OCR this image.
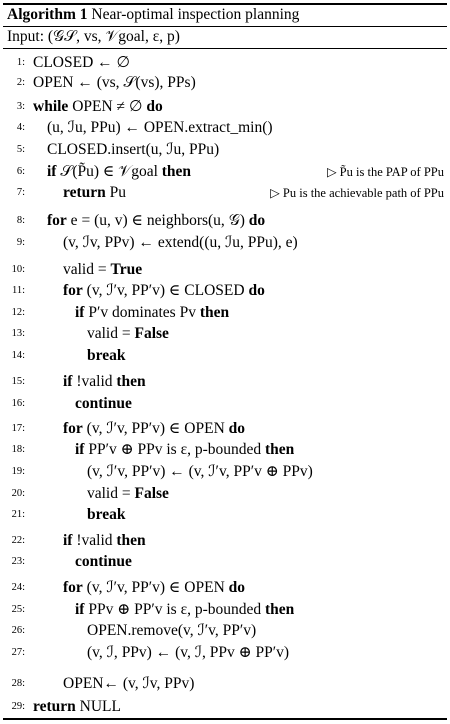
Algorithm 1 Near-optimal inspection planning
Input: (𝒢𝒮, vs, 𝒱goal, ε, p)
1: CLOSED ← ∅
2: OPEN ← (vs, 𝒮(vs), PPs)
3: while OPEN ≠ ∅ do
4: (u, ℐu, PPu) ← OPEN.extract_min()
5: CLOSED.insert(u, ℐu, PPu)
6: if 𝒮(P̃u) ∈ 𝒱goal then	▷ P̃u is the PAP of PPu
7: return Pu	▷ Pu is the achievable path of PPu
8: for e = (u, v) ∈ neighbors(u, 𝒢) do
9: (v, ℐv, PPv) ← extend((u, ℐu, PPu), e)
10: valid = True
11: for (v, ℐ′v, PP′v) ∈ CLOSED do
12:	if P′v dominates Pv then
13:	valid = False
14:	break
15: if !valid then
16:	continue
17: for (v, ℐ′v, PP′v) ∈ OPEN do
18:	if PP′v ⊕ PPv is ε, p-bounded then
19:	(v, ℐ′v, PP′v) ← (v, ℐ′v, PP′v ⊕ PPv)
20:	valid = False
21:	break
22: if !valid then
23:	continue
24: for (v, ℐ′v, PP′v) ∈ OPEN do
25:	if PPv ⊕ PP′v is ε, p-bounded then
26:	OPEN.remove(v, ℐ′v, PP′v)
27:	(v, ℐ, PPv) ← (v, ℐ, PPv ⊕ PP′v)
28: OPEN← (v, ℐv, PPv)
29: return NULL
